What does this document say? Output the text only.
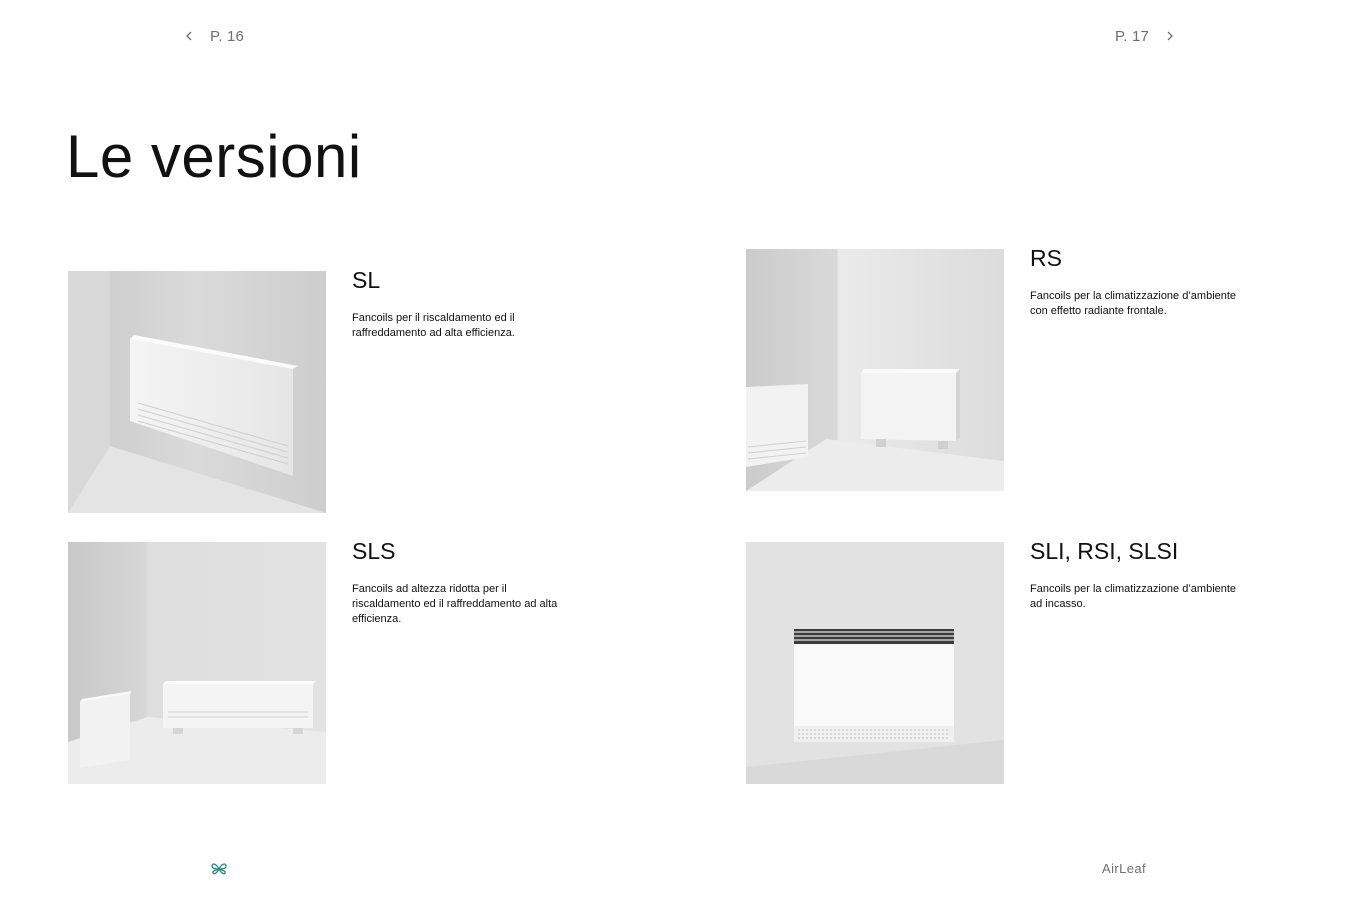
P. 16	P. 17
Le versioni
SL

Fancoils per il riscaldamento ed il raffreddamento ad alta efficienza.

RS

Fancoils per la climatizzazione d’ambiente con effetto radiante frontale.

SLS

Fancoils ad altezza ridotta per il riscaldamento ed il raffreddamento ad alta efficienza.

SLI, RSI, SLSI

Fancoils per la climatizzazione d’ambiente ad incasso.

AirLeaf
